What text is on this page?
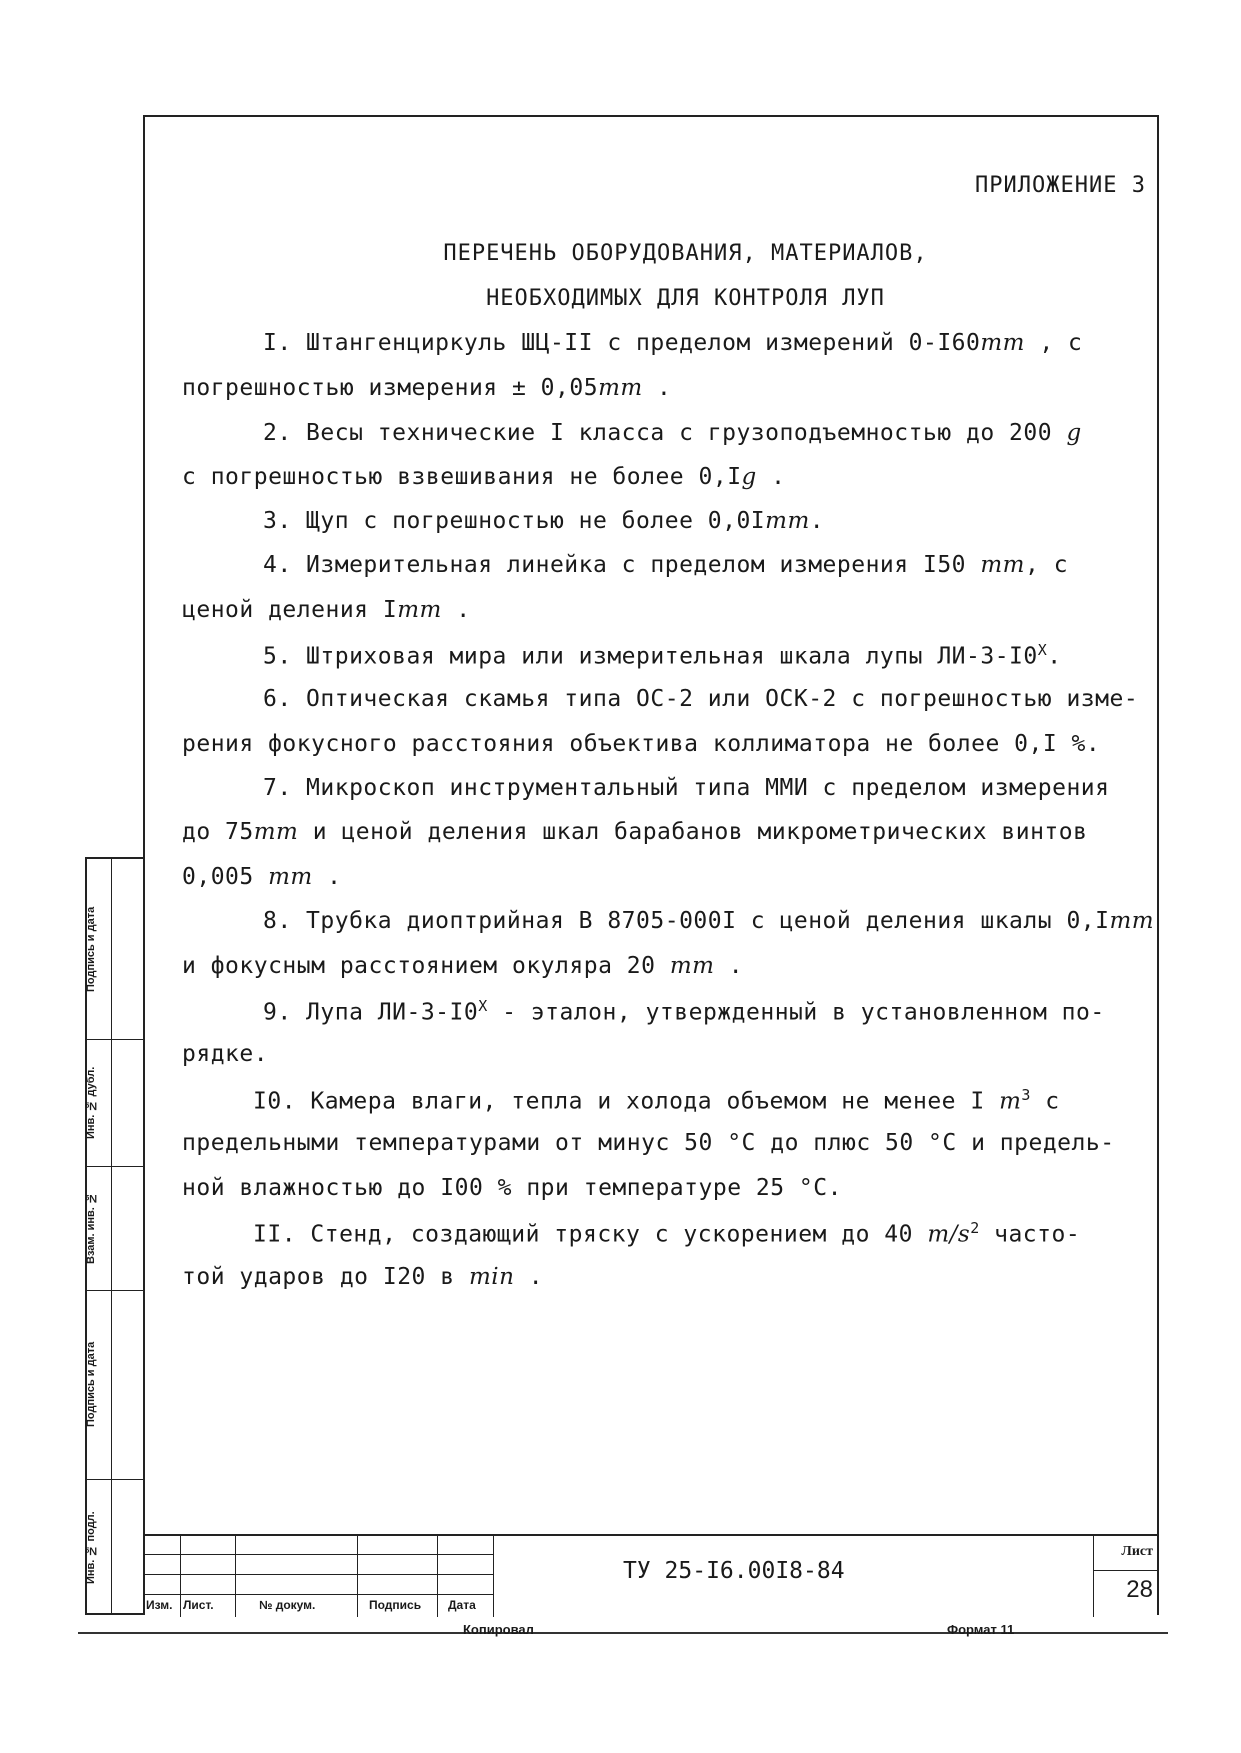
ПРИЛОЖЕНИЕ 3
ПЕРЕЧЕНЬ ОБОРУДОВАНИЯ, МАТЕРИАЛОВ,
НЕОБХОДИМЫХ ДЛЯ КОНТРОЛЯ ЛУП
I. Штангенциркуль ШЦ-II с пределом измерений 0-I60mm , с
погрешностью измерения ± 0,05mm .
2. Весы технические I класса с грузоподъемностью до 200 g
с погрешностью взвешивания не более 0,Ig .
3. Щуп с погрешностью не более 0,0Imm.
4. Измерительная линейка с пределом измерения I50 mm, с
ценой деления Imm .
5. Штриховая мира или измерительная шкала лупы $ЛИ-3-I0^X$.
6. Оптическая скамья типа ОС-2 или ОСК-2 с погрешностью изме-
рения фокусного расстояния объектива коллиматора не более 0,I %.
7. Микроскоп инструментальный типа ММИ с пределом измерения
до 75mm и ценой деления шкал барабанов микрометрических винтов
0,005 mm .
8. Трубка диоптрийная В 8705-000I с ценой деления шкалы 0,Imm
и фокусным расстоянием окуляра 20 mm .
9. Лупа $ЛИ-3-I0^X$ - эталон, утвержденный в установленном по-
рядке.
I0. Камера влаги, тепла и холода объемом не менее I $m^3$ с
предельными температурами от минус 50 °С до плюс 50 °С и предель-
ной влажностью до I00 % при температуре 25 °С.
II. Стенд, создающий тряску с ускорением до 40 $m/s^2$ часто-
той ударов до I20 в min .
Подпись и дата
Инв. № дубл.
Взам. инв. №
Подпись и дата
Инв. № подл.
Изм. Лист.	№ докум.	Подпись Дата
ТУ 25-I6.00I8-84
Лист
28
Копировал	Формат 11
